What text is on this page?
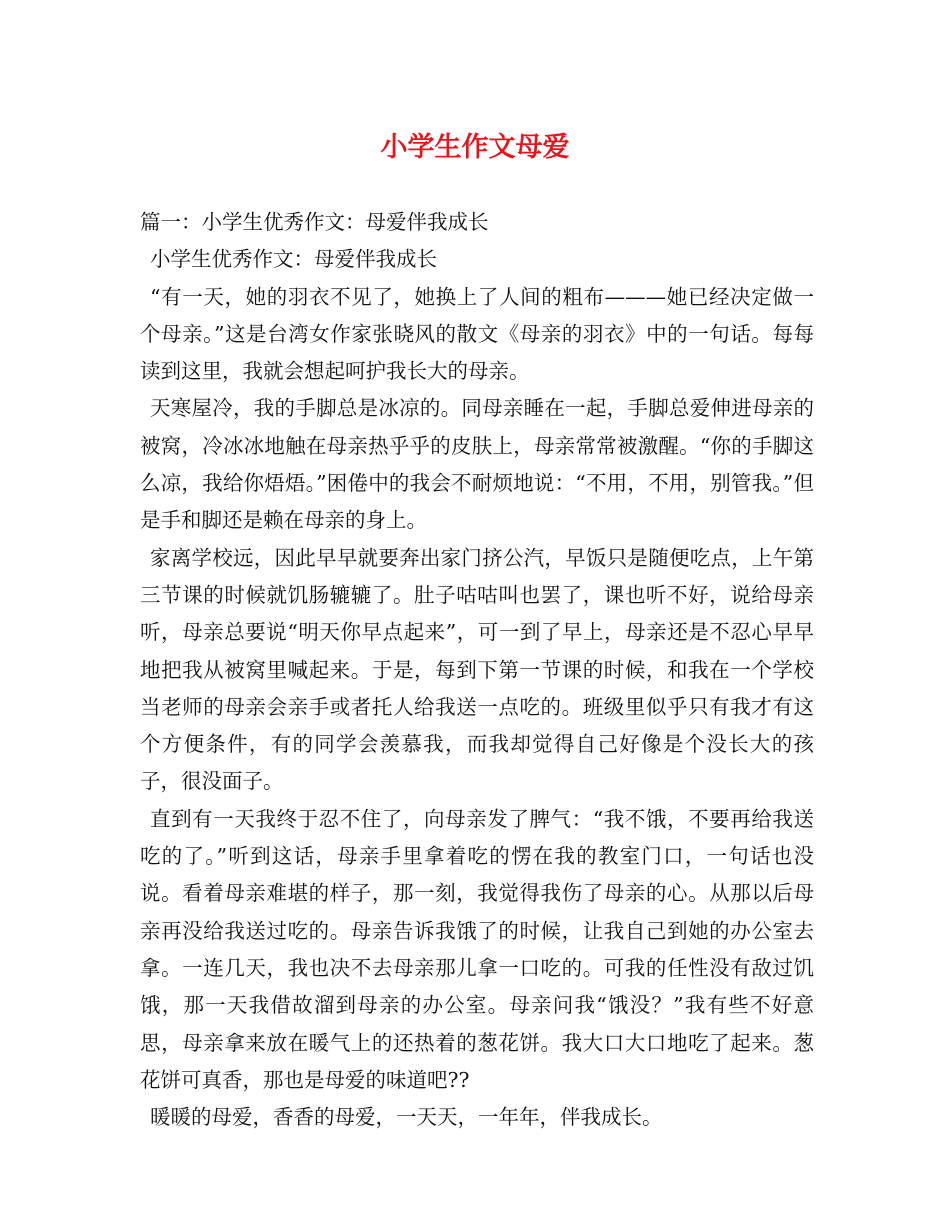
小学生作文母爱

篇一：小学生优秀作文：母爱伴我成长

小学生优秀作文：母爱伴我成长

“有一天，她的羽衣不见了，她换上了人间的粗布———她已经决定做一个母亲。”这是台湾女作家张晓风的散文《母亲的羽衣》中的一句话。每每读到这里，我就会想起呵护我长大的母亲。

天寒屋冷，我的手脚总是冰凉的。同母亲睡在一起，手脚总爱伸进母亲的被窝，冷冰冰地触在母亲热乎乎的皮肤上，母亲常常被激醒。“你的手脚这么凉，我给你焐焐。”困倦中的我会不耐烦地说：“不用，不用，别管我。”但是手和脚还是赖在母亲的身上。

家离学校远，因此早早就要奔出家门挤公汽，早饭只是随便吃点，上午第三节课的时候就饥肠辘辘了。肚子咕咕叫也罢了，课也听不好，说给母亲听，母亲总要说“明天你早点起来”，可一到了早上，母亲还是不忍心早早地把我从被窝里喊起来。于是，每到下第一节课的时候，和我在一个学校当老师的母亲会亲手或者托人给我送一点吃的。班级里似乎只有我才有这个方便条件，有的同学会羡慕我，而我却觉得自己好像是个没长大的孩子，很没面子。

直到有一天我终于忍不住了，向母亲发了脾气：“我不饿，不要再给我送吃的了。”听到这话，母亲手里拿着吃的愣在我的教室门口，一句话也没说。看着母亲难堪的样子，那一刻，我觉得我伤了母亲的心。从那以后母亲再没给我送过吃的。母亲告诉我饿了的时候，让我自己到她的办公室去拿。一连几天，我也决不去母亲那儿拿一口吃的。可我的任性没有敌过饥饿，那一天我借故溜到母亲的办公室。母亲问我“饿没？”我有些不好意思，母亲拿来放在暖气上的还热着的葱花饼。我大口大口地吃了起来。葱花饼可真香，那也是母爱的味道吧??

暖暖的母爱，香香的母爱，一天天，一年年，伴我成长。
